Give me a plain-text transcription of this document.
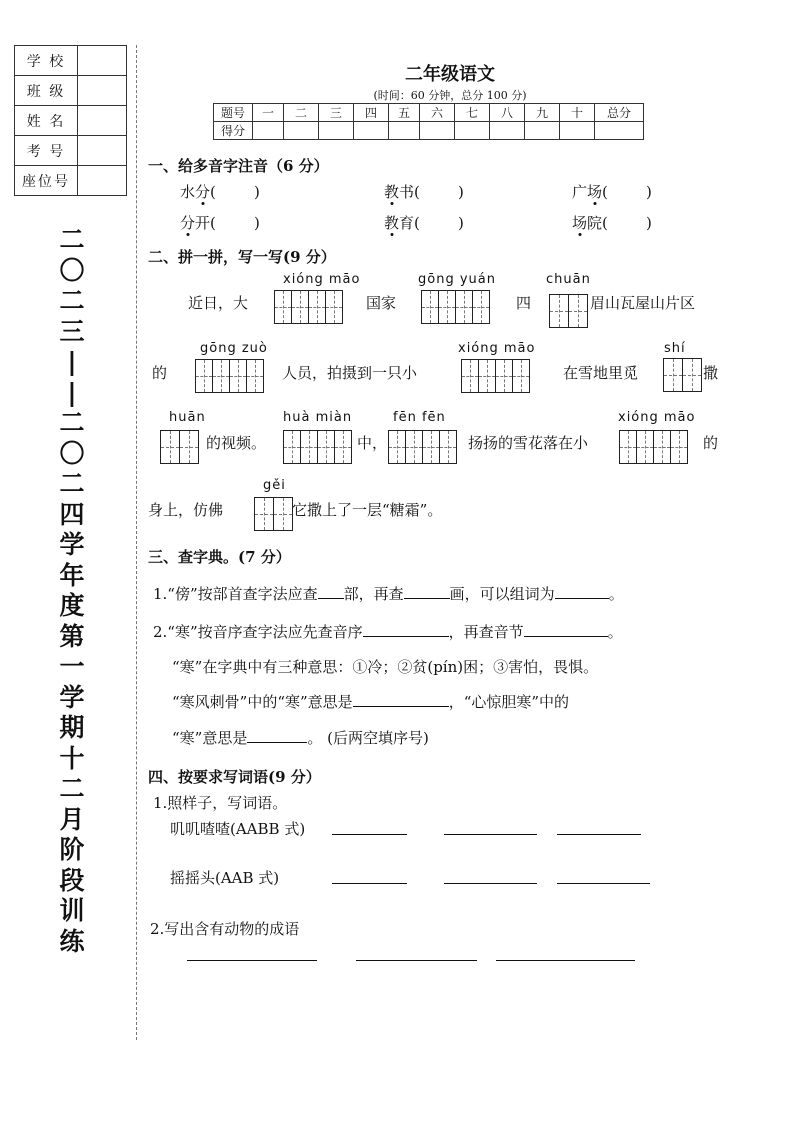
学 校	
班 级	
姓 名	
考 号	
座位号	
二
〇
二
三
|
|
二
〇
二
四
学
年
度
第
一
学
期
十
二
月
阶
段
训
练
二年级语文
(时间：60 分钟，总分 100 分)
题号	一	二	三	四	五	六	七	八	九	十	总分
得分											
一、给多音字注音（6 分）
水分(        )	教书(        )	广场(        )
分开(        )	教育(        )	场院(        )
二、拼一拼，写一写(9 分）
xióng māo	gōng yuán	chuān
近日，大	国家	四	眉山瓦屋山片区
gōng zuò	xióng māo	shí
的	人员，拍摄到一只小	在雪地里觅	撒
huān	huà miàn	fēn fēn	xióng māo
的视频。	中，	扬扬的雪花落在小	的
gěi
身上，仿佛	它撒上了一层“糖霜”。
三、查字典。(7 分）
1.“傍”按部首查字法应查 部，再查	画，可以组词为	。
2.“寒”按音序查字法应先查音序	，再查音节	。
“寒”在字典中有三种意思：①冷；②贫(pín)困；③害怕，畏惧。
“寒风刺骨”中的“寒”意思是	，“心惊胆寒”中的
“寒”意思是	。 (后两空填序号)
四、按要求写词语(9 分）
1.照样子，写词语。
叽叽喳喳(AABB 式)
摇摇头(AAB 式)
2.写出含有动物的成语
